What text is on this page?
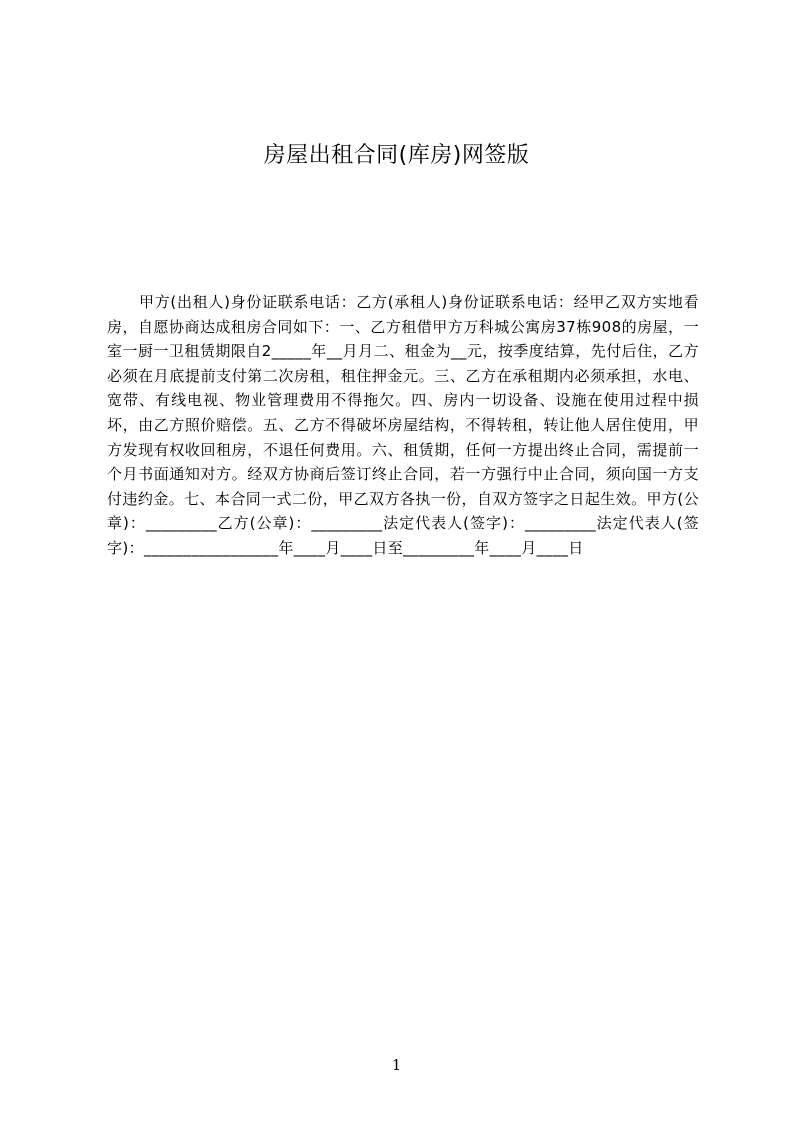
房屋出租合同(库房)网签版
甲方(出租人)身份证联系电话：乙方(承租人)身份证联系电话：经甲乙双方实地看房，自愿协商达成租房合同如下：一、乙方租借甲方万科城公寓房37栋908的房屋，一室一厨一卫租赁期限自2_____年__月月二、租金为__元，按季度结算，先付后住，乙方必须在月底提前支付第二次房租，租住押金元。三、乙方在承租期内必须承担，水电、宽带、有线电视、物业管理费用不得拖欠。四、房内一切设备、设施在使用过程中损坏，由乙方照价赔偿。五、乙方不得破坏房屋结构，不得转租，转让他人居住使用，甲方发现有权收回租房，不退任何费用。六、租赁期，任何一方提出终止合同，需提前一个月书面通知对方。经双方协商后签订终止合同，若一方强行中止合同，须向国一方支付违约金。七、本合同一式二份，甲乙双方各执一份，自双方签字之日起生效。甲方(公章)：_________乙方(公章)：_________法定代表人(签字)：_________法定代表人(签字)：_________________年____月____日至_________年____月____日
1
